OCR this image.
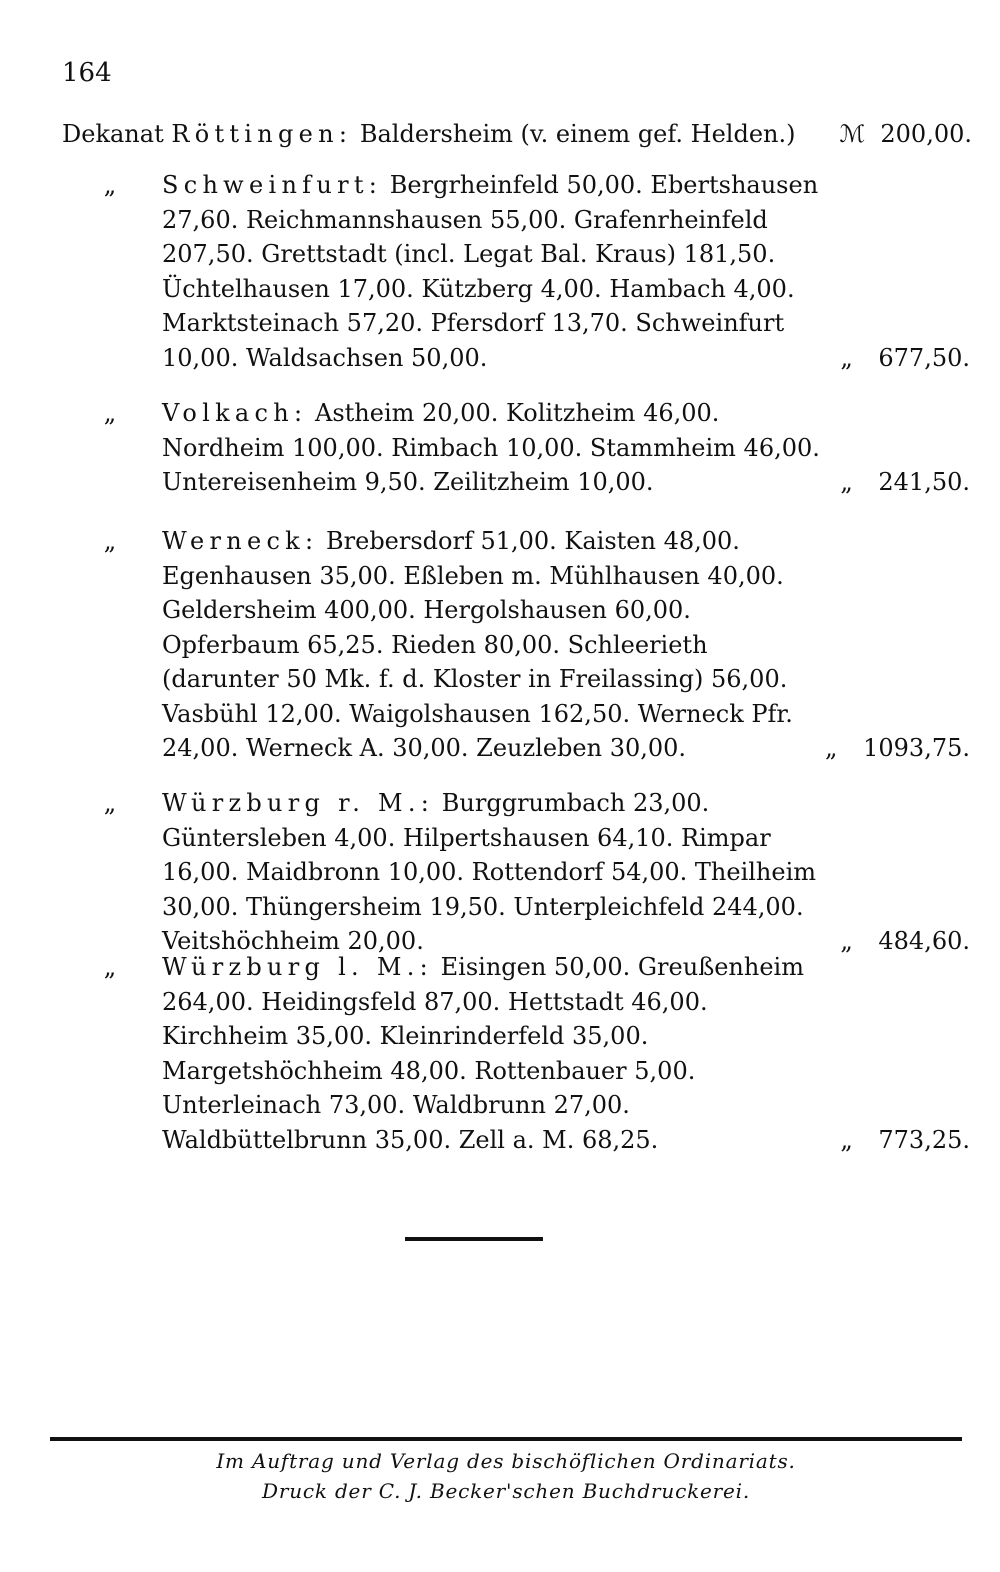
164
Dekanat Röttingen: Baldersheim (v. einem gef. Helden.) ℳ 200,00.
„ Schweinfurt: Bergrheinfeld 50,00. Ebertshausen 27,60. Reichmannshausen 55,00. Grafenrheinfeld 207,50. Grettstadt (incl. Legat Bal. Kraus) 181,50. Üchtelhausen 17,00. Kützberg 4,00. Hambach 4,00. Marktsteinach 57,20. Pfersdorf 13,70. Schweinfurt 10,00. Waldsachsen 50,00.	„ 677,50.
„ Volkach: Astheim 20,00. Kolitzheim 46,00. Nordheim 100,00. Rimbach 10,00. Stammheim 46,00. Untereisenheim 9,50. Zeilitzheim 10,00.	„ 241,50.
„ Werneck: Brebersdorf 51,00. Kaisten 48,00. Egenhausen 35,00. Eßleben m. Mühlhausen 40,00. Geldersheim 400,00. Hergolshausen 60,00. Opferbaum 65,25. Rieden 80,00. Schleerieth (darunter 50 Mk. f. d. Kloster in Freilassing) 56,00. Vasbühl 12,00. Waigolshausen 162,50. Werneck Pfr. 24,00. Werneck A. 30,00. Zeuzleben 30,00.	„ 1093,75.
„ Würzburg r. M.: Burggrumbach 23,00. Güntersleben 4,00. Hilpertshausen 64,10. Rimpar 16,00. Maidbronn 10,00. Rottendorf 54,00. Theilheim 30,00. Thüngersheim 19,50. Unterpleichfeld 244,00. Veitshöchheim 20,00.	„ 484,60.
„ Würzburg l. M.: Eisingen 50,00. Greußenheim 264,00. Heidingsfeld 87,00. Hettstadt 46,00. Kirchheim 35,00. Kleinrinderfeld 35,00. Margetshöchheim 48,00. Rottenbauer 5,00. Unterleinach 73,00. Waldbrunn 27,00. Waldbüttelbrunn 35,00. Zell a. M. 68,25.	„ 773,25.
Im Auftrag und Verlag des bischöflichen Ordinariats.
Druck der C. J. Becker'schen Buchdruckerei.
